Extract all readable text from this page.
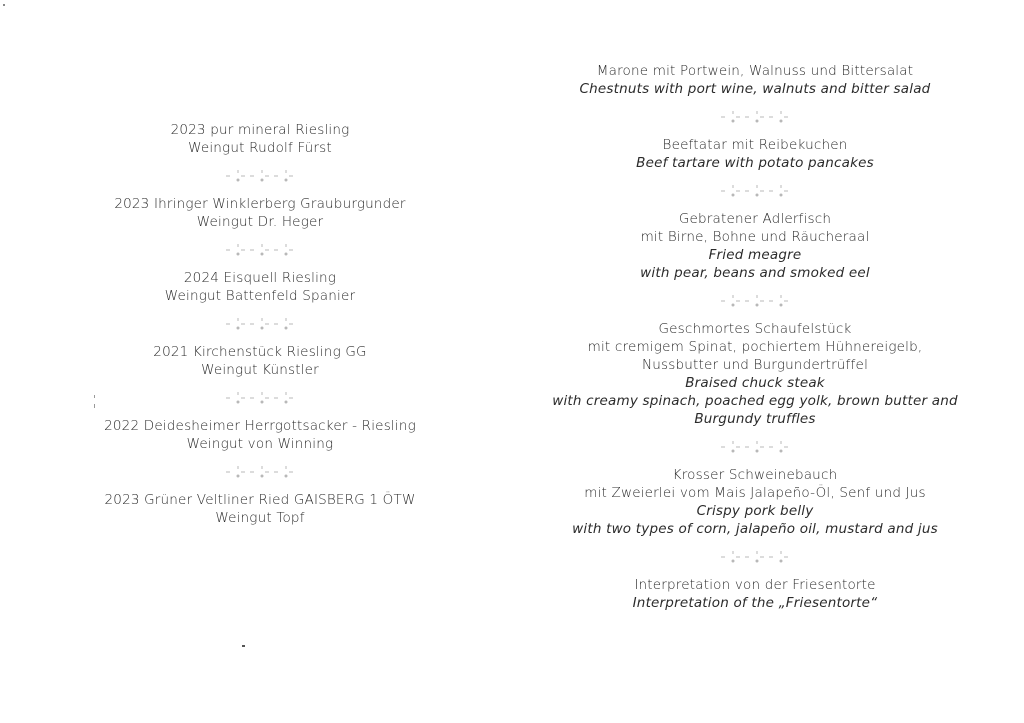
2023 pur mineral Riesling
Weingut Rudolf Fürst
2023 Ihringer Winklerberg Grauburgunder
Weingut Dr. Heger
2024 Eisquell Riesling
Weingut Battenfeld Spanier
2021 Kirchenstück Riesling GG
Weingut Künstler
2022 Deidesheimer Herrgottsacker - Riesling
Weingut von Winning
2023 Grüner Veltliner Ried GAISBERG 1 ÖTW
Weingut Topf
Marone mit Portwein, Walnuss und Bittersalat
Chestnuts with port wine, walnuts and bitter salad
Beeftatar mit Reibekuchen
Beef tartare with potato pancakes
Gebratener Adlerfisch
mit Birne, Bohne und Räucheraal
Fried meagre
with pear, beans and smoked eel
Geschmortes Schaufelstück
mit cremigem Spinat, pochiertem Hühnereigelb,
Nussbutter und Burgundertrüffel
Braised chuck steak
with creamy spinach, poached egg yolk, brown butter and
Burgundy truffles
Krosser Schweinebauch
mit Zweierlei vom Mais Jalapeño-Öl, Senf und Jus
Crispy pork belly
with two types of corn, jalapeño oil, mustard and jus
Interpretation von der Friesentorte
Interpretation of the „Friesentorte“
